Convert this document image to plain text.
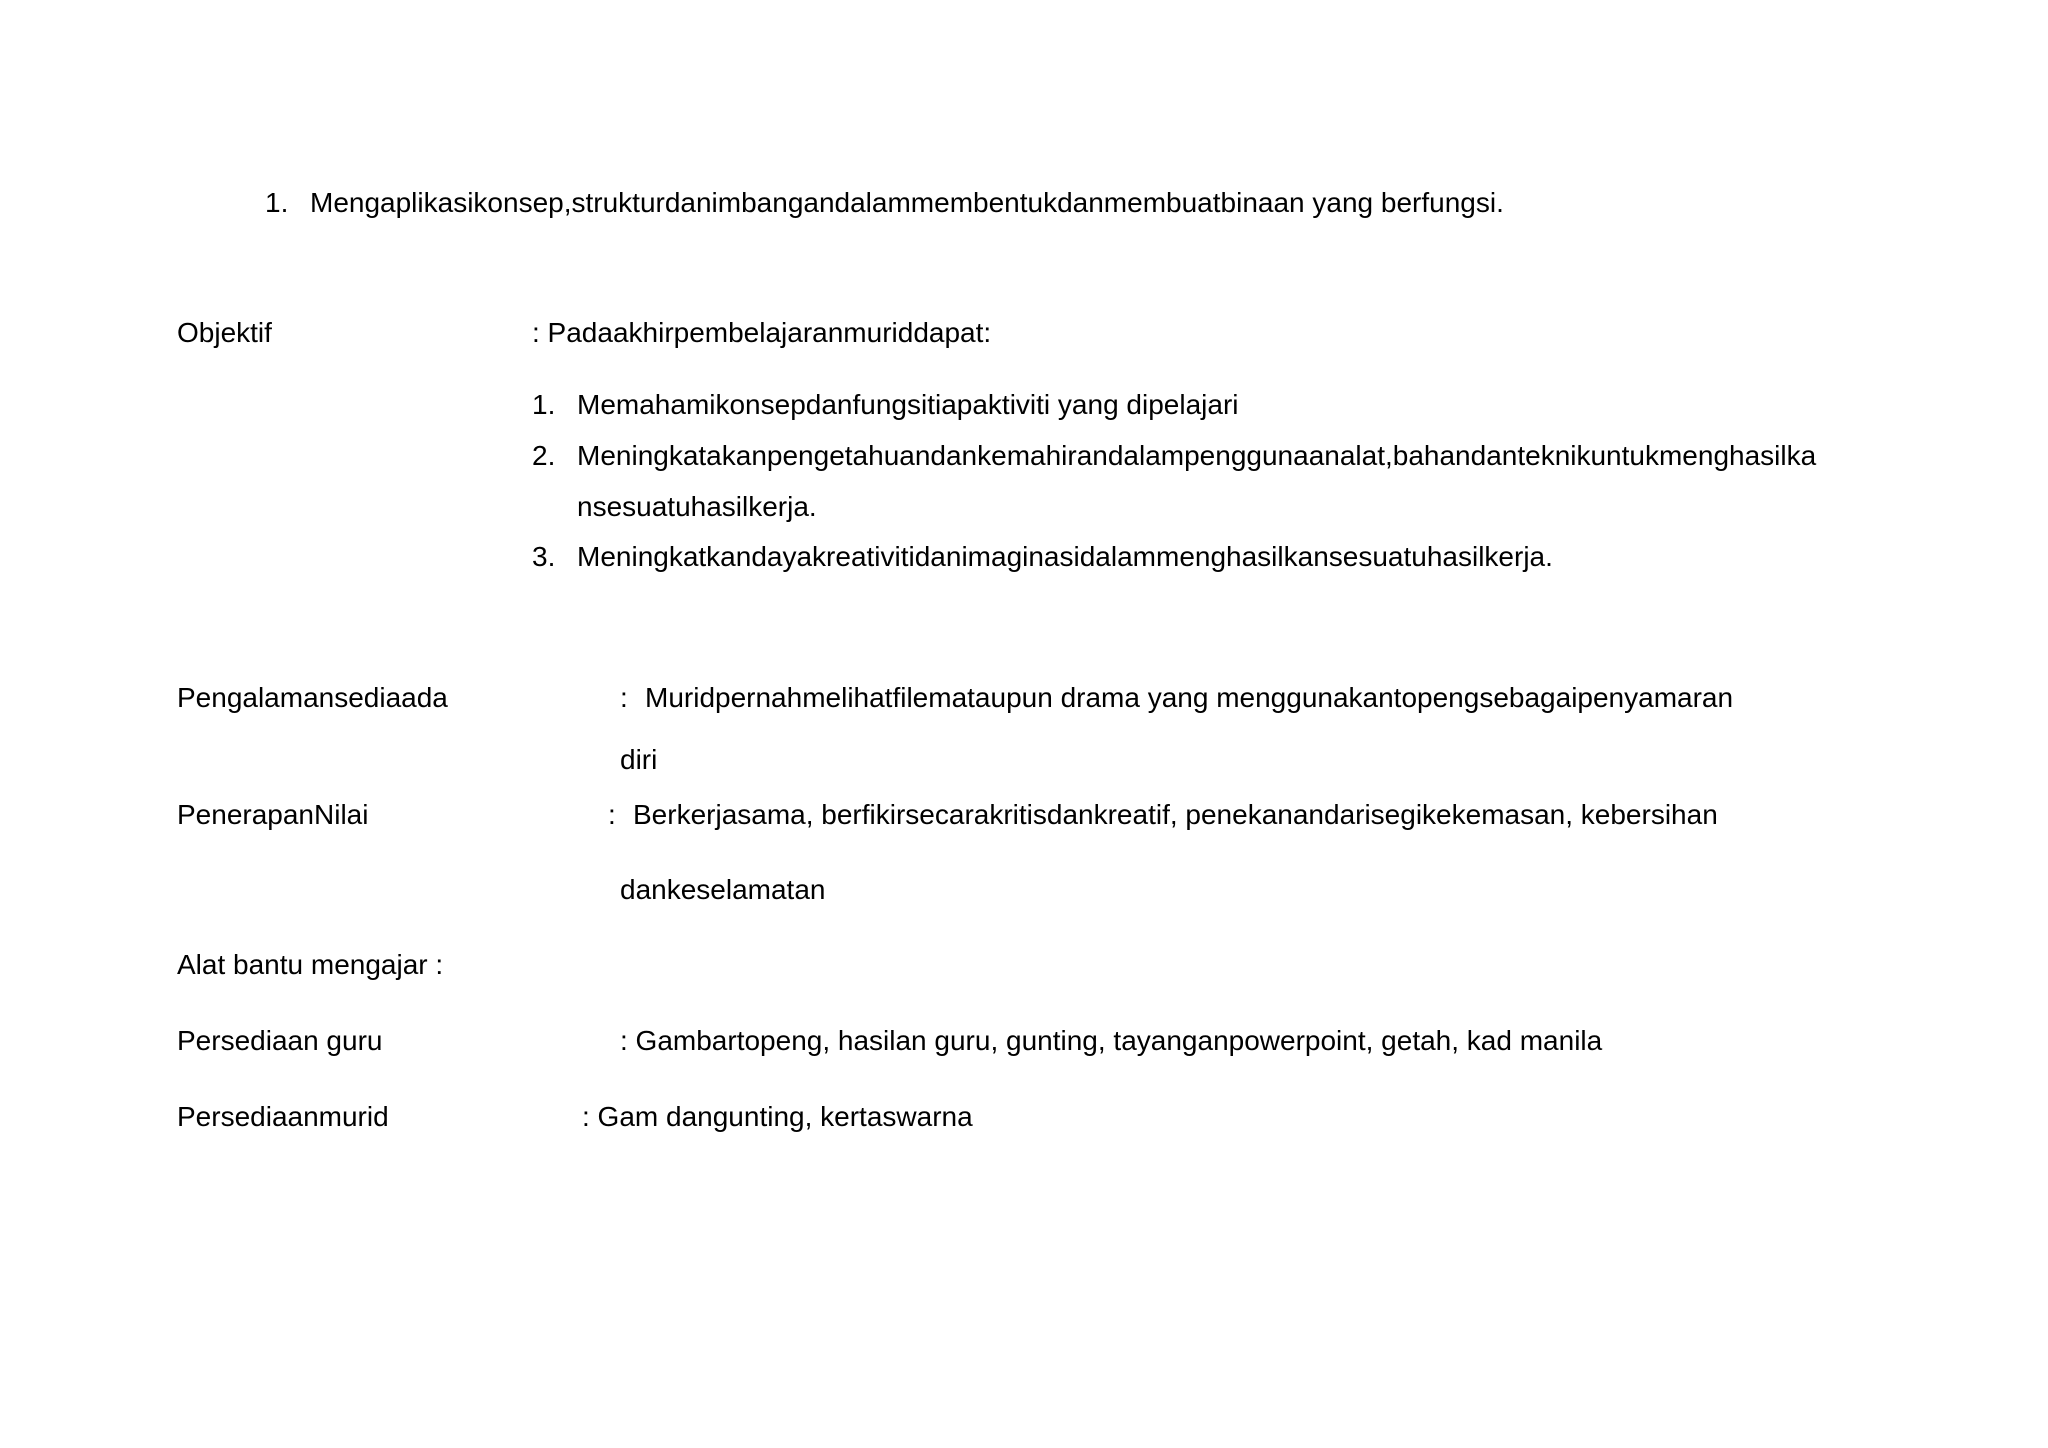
1. Mengaplikasikonsep,strukturdanimbangandalammembentukdanmembuatbinaan yang berfungsi.
Objektif	: Padaakhirpembelajaranmuriddapat:
1. Memahamikonsepdanfungsitiapaktiviti yang dipelajari
2. Meningkatakanpengetahuandankemahirandalampenggunaanalat,bahandanteknikuntukmenghasilka
nsesuatuhasilkerja.
3. Meningkatkandayakreativitidanimaginasidalammenghasilkansesuatuhasilkerja.
Pengalamansediaada	: Muridpernahmelihatfilemataupun drama yang menggunakantopengsebagaipenyamaran
diri
PenerapanNilai	: Berkerjasama, berfikirsecarakritisdankreatif, penekanandarisegikekemasan, kebersihan
dankeselamatan
Alat bantu mengajar :
Persediaan guru	: Gambartopeng, hasilan guru, gunting, tayanganpowerpoint, getah, kad manila
Persediaanmurid	: Gam dangunting, kertaswarna
